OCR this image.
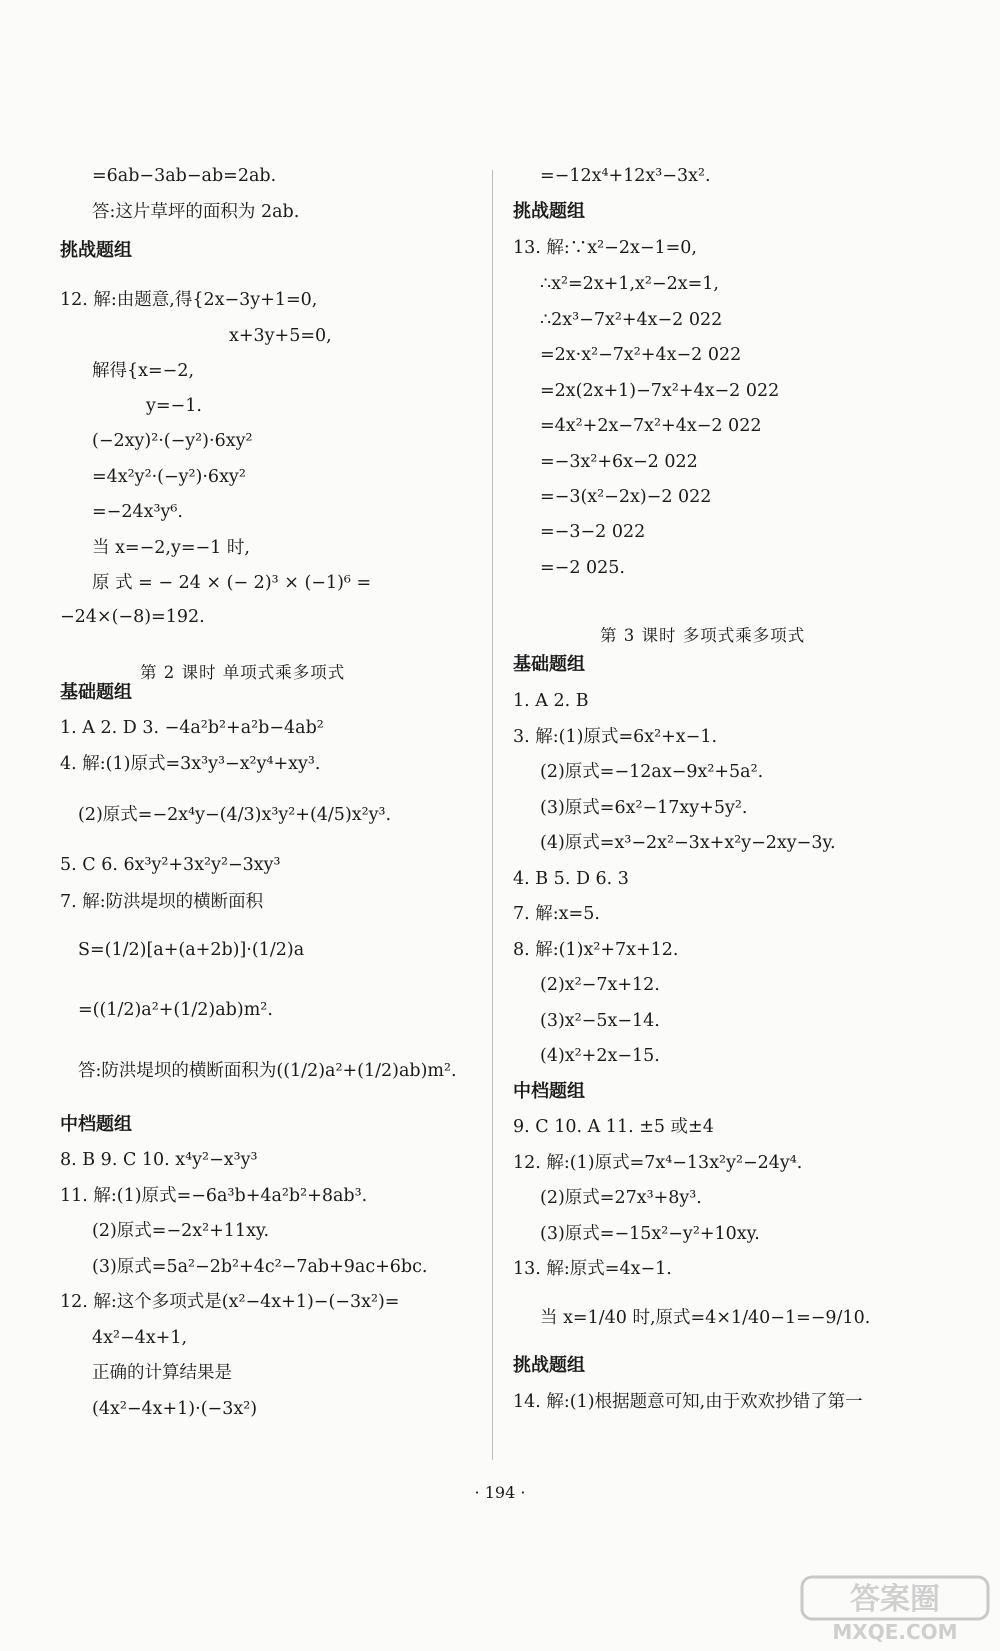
=6ab−3ab−ab=2ab.
答:这片草坪的面积为 2ab.
挑战题组
12. 解:由题意,得{2x−3y+1=0,
x+3y+5=0,
解得{x=−2,
y=−1.
(−2xy)²·(−y²)·6xy²
=4x²y²·(−y²)·6xy²
=−24x³y⁶.
当 x=−2,y=−1 时,
原 式 = − 24 × (− 2)³ × (−1)⁶ =
−24×(−8)=192.
基础题组
1. A 2. D 3. −4a²b²+a²b−4ab²
4. 解:(1)原式=3x³y³−x²y⁴+xy³.
(2)原式=−2x⁴y−(4/3)x³y²+(4/5)x²y³.
5. C 6. 6x³y²+3x²y²−3xy³
7. 解:防洪堤坝的横断面积
S=(1/2)[a+(a+2b)]·(1/2)a
=((1/2)a²+(1/2)ab)m².
答:防洪堤坝的横断面积为((1/2)a²+(1/2)ab)m².
中档题组
8. B 9. C 10. x⁴y²−x³y³
11. 解:(1)原式=−6a³b+4a²b²+8ab³.
(2)原式=−2x²+11xy.
(3)原式=5a²−2b²+4c²−7ab+9ac+6bc.
12. 解:这个多项式是(x²−4x+1)−(−3x²)=
4x²−4x+1,
正确的计算结果是
(4x²−4x+1)·(−3x²)
第 2 课时 单项式乘多项式
=−12x⁴+12x³−3x².
挑战题组
13. 解:∵x²−2x−1=0,
∴x²=2x+1,x²−2x=1,
∴2x³−7x²+4x−2 022
=2x·x²−7x²+4x−2 022
=2x(2x+1)−7x²+4x−2 022
=4x²+2x−7x²+4x−2 022
=−3x²+6x−2 022
=−3(x²−2x)−2 022
=−3−2 022
=−2 025.
基础题组
1. A 2. B
3. 解:(1)原式=6x²+x−1.
(2)原式=−12ax−9x²+5a².
(3)原式=6x²−17xy+5y².
(4)原式=x³−2x²−3x+x²y−2xy−3y.
4. B 5. D 6. 3
7. 解:x=5.
8. 解:(1)x²+7x+12.
(2)x²−7x+12.
(3)x²−5x−14.
(4)x²+2x−15.
中档题组
9. C 10. A 11. ±5 或±4
12. 解:(1)原式=7x⁴−13x²y²−24y⁴.
(2)原式=27x³+8y³.
(3)原式=−15x²−y²+10xy.
13. 解:原式=4x−1.
当 x=1/40 时,原式=4×1/40−1=−9/10.
挑战题组
14. 解:(1)根据题意可知,由于欢欢抄错了第一
第 3 课时 多项式乘多项式
· 194 ·
答案圈
MXQE.COM
